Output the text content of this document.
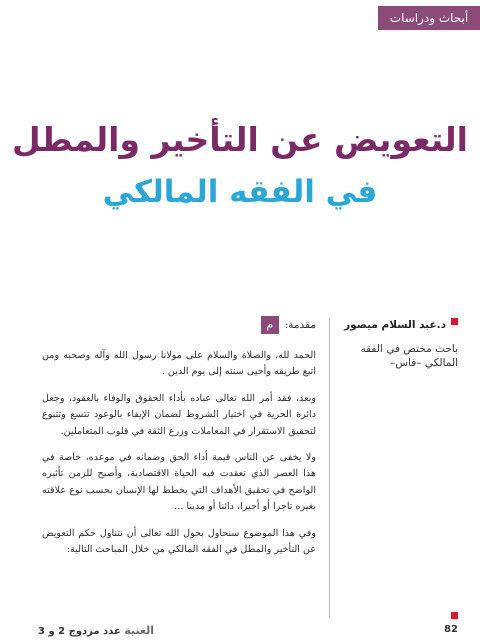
أبحاث ودراسات
التعويض عن التأخير والمطل
في الفقه المالكي
د.عبد السلام ميصور
باحث مختص في الفقه المالكي –فاس–
مقدمة:
م

الحمد لله، والصلاة والسلام على مولانا رسول الله وآله وصحبه ومن اتبع طريقه وأحيى سنته إلى يوم الدين .

وبعد، فقد أمر الله تعالى عباده بأداء الحقوق والوفاء بالعقود، وجعل دائرة الحرية في اختيار الشروط لضمان الإيفاء بالوعود تتسع وتتنوع لتحقيق الاستقرار في المعاملات وزرع الثقة في قلوب المتعاملين.

ولا يخفى عن الناس قيمة أداء الحق وضمانه في موعده، خاصة في هذا العصر الذي تعقدت فيه الحياة الاقتصادية، وأصبح للزمن تأثيره الواضح في تحقيق الأهداف التي يخطط لها الإنسان بحسب نوع علاقته بغيره تاجرا أو أجيرا، دائنا أو مدينا ...

وفي هذا الموضوع سنحاول بحول الله تعالى أن نتناول حكم التعويض عن التأخير والمطل في الفقه المالكي من خلال المباحث التالية:

الغنية عدد مزدوج 2 و 3	82
